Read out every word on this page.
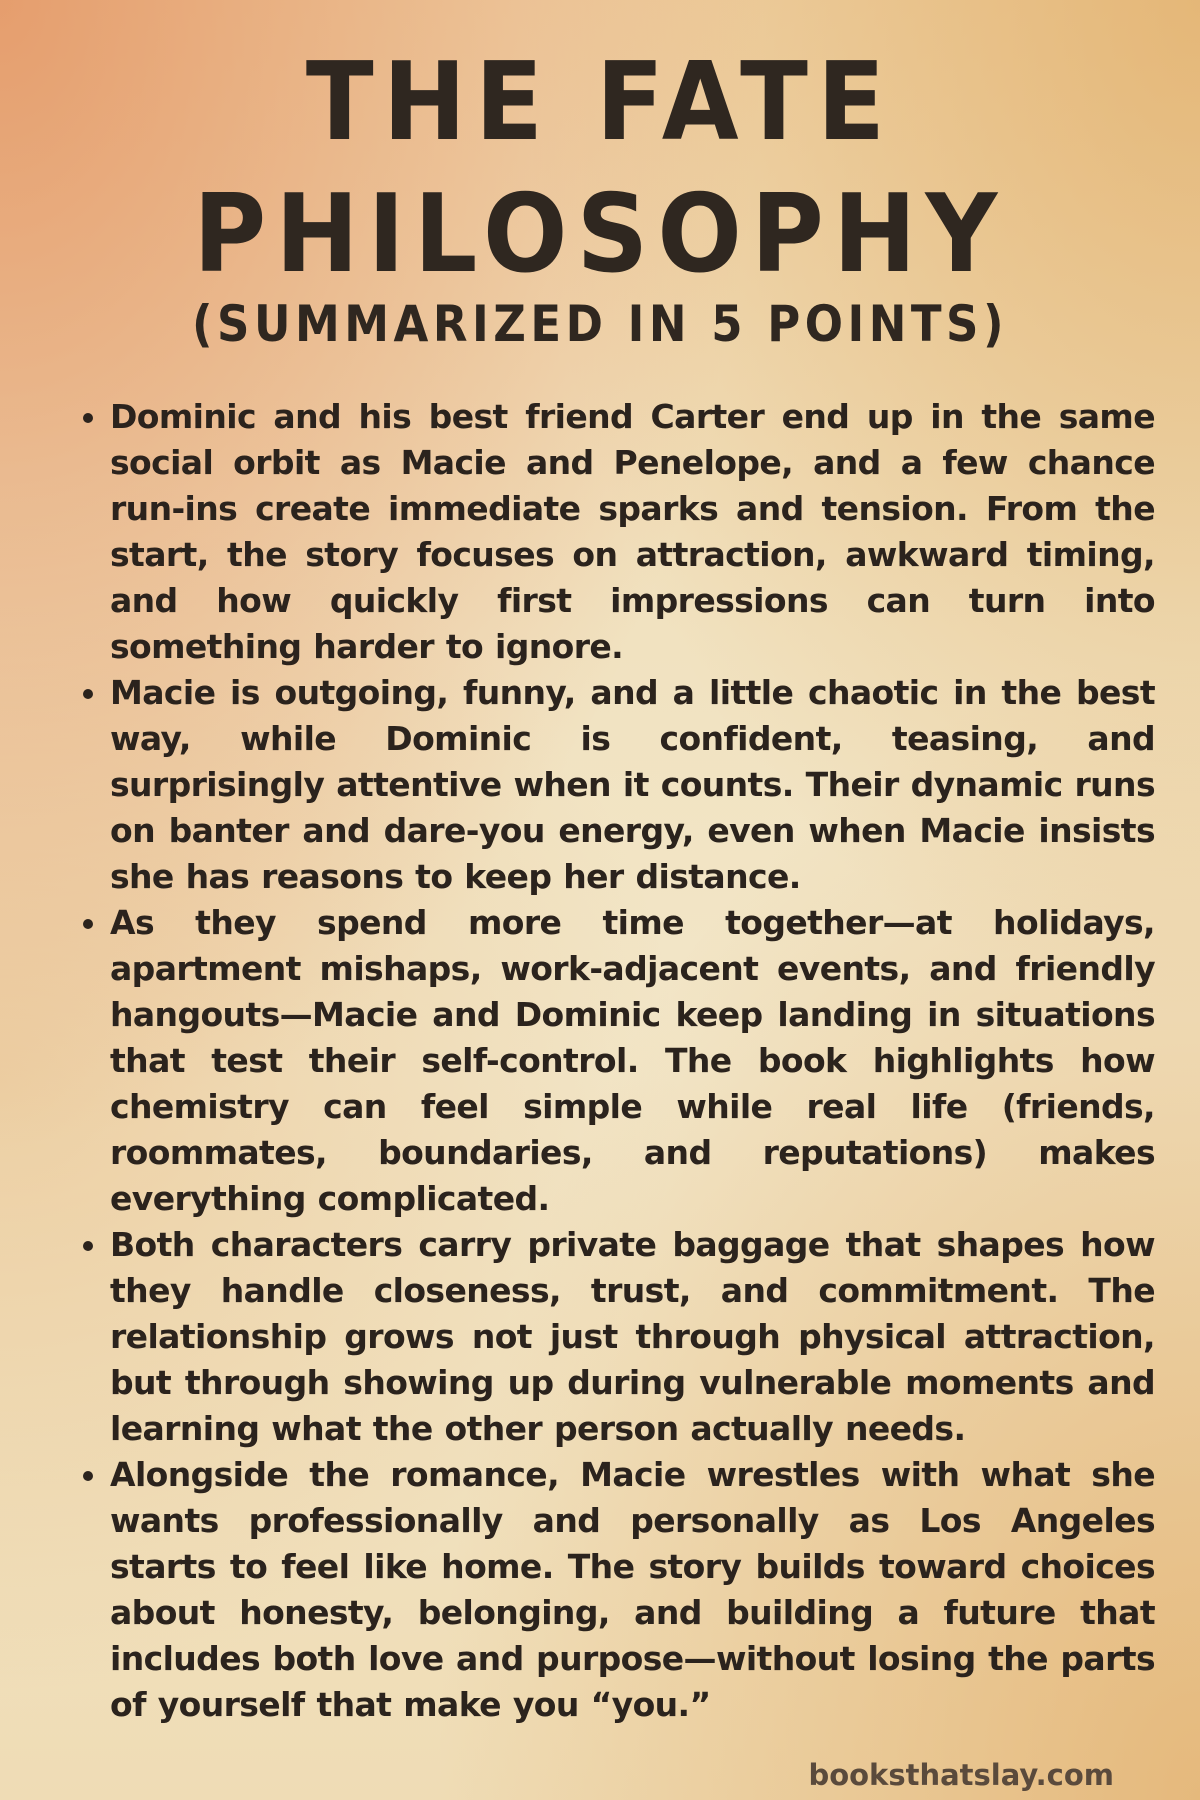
THE FATE
PHILOSOPHY
(SUMMARIZED IN 5 POINTS)
Dominic and his best friend Carter end up in the same social orbit as Macie and Penelope, and a few chance run-ins create immediate sparks and tension. From the start, the story focuses on attraction, awkward timing, and how quickly first impressions can turn into something harder to ignore.
Macie is outgoing, funny, and a little chaotic in the best way, while Dominic is confident, teasing, and surprisingly attentive when it counts. Their dynamic runs on banter and dare-you energy, even when Macie insists she has reasons to keep her distance.
As they spend more time together—at holidays, apartment mishaps, work-adjacent events, and friendly hangouts—Macie and Dominic keep landing in situations that test their self-control. The book highlights how chemistry can feel simple while real life (friends, roommates, boundaries, and reputations) makes everything complicated.
Both characters carry private baggage that shapes how they handle closeness, trust, and commitment. The relationship grows not just through physical attraction, but through showing up during vulnerable moments and learning what the other person actually needs.
Alongside the romance, Macie wrestles with what she wants professionally and personally as Los Angeles starts to feel like home. The story builds toward choices about honesty, belonging, and building a future that includes both love and purpose—without losing the parts of yourself that make you “you.”
booksthatslay.com
